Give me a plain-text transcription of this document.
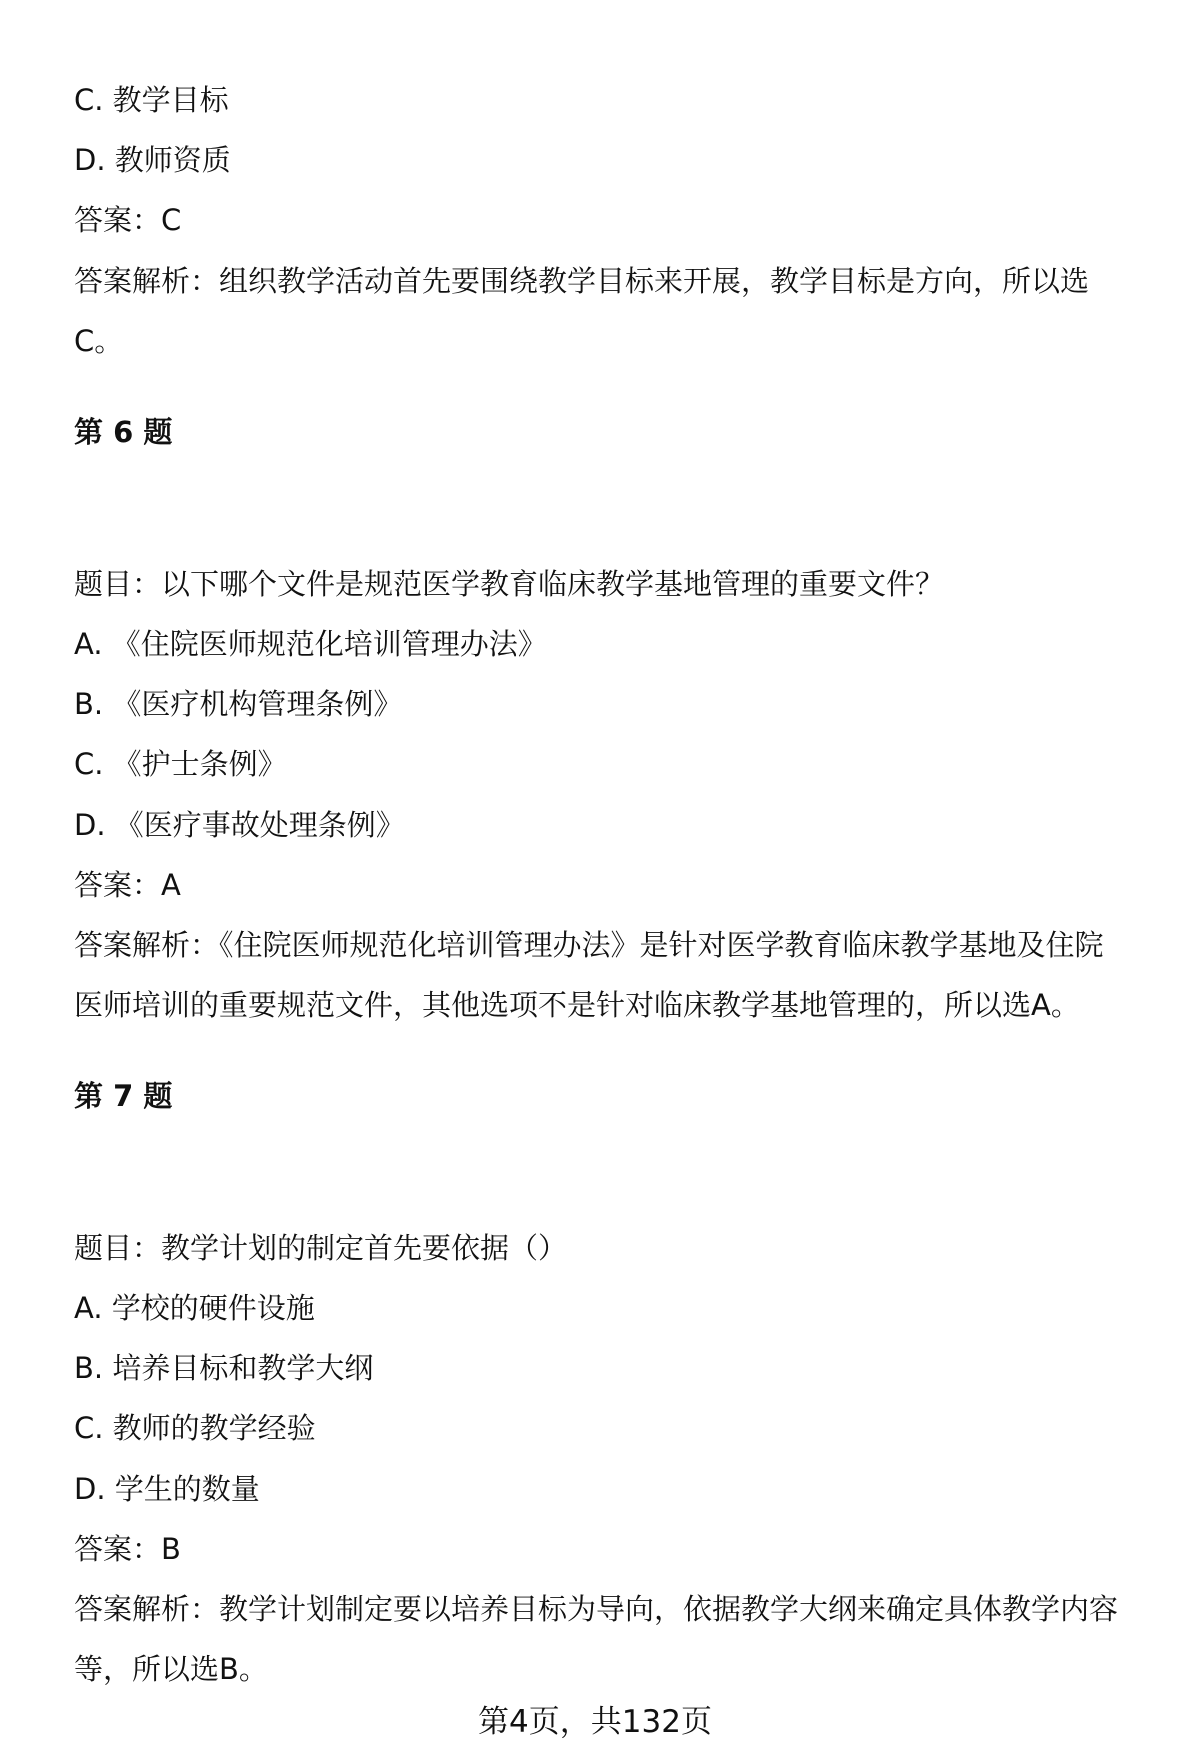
C. 教学目标
D. 教师资质
答案：C
答案解析：组织教学活动首先要围绕教学目标来开展，教学目标是方向，所以选
C。
第 6 题
题目：以下哪个文件是规范医学教育临床教学基地管理的重要文件？
A. 《住院医师规范化培训管理办法》
B. 《医疗机构管理条例》
C. 《护士条例》
D. 《医疗事故处理条例》
答案：A
答案解析：《住院医师规范化培训管理办法》是针对医学教育临床教学基地及住院
医师培训的重要规范文件，其他选项不是针对临床教学基地管理的，所以选A。
第 7 题
题目：教学计划的制定首先要依据（）
A. 学校的硬件设施
B. 培养目标和教学大纲
C. 教师的教学经验
D. 学生的数量
答案：B
答案解析：教学计划制定要以培养目标为导向，依据教学大纲来确定具体教学内容
等，所以选B。
第4页，共132页
